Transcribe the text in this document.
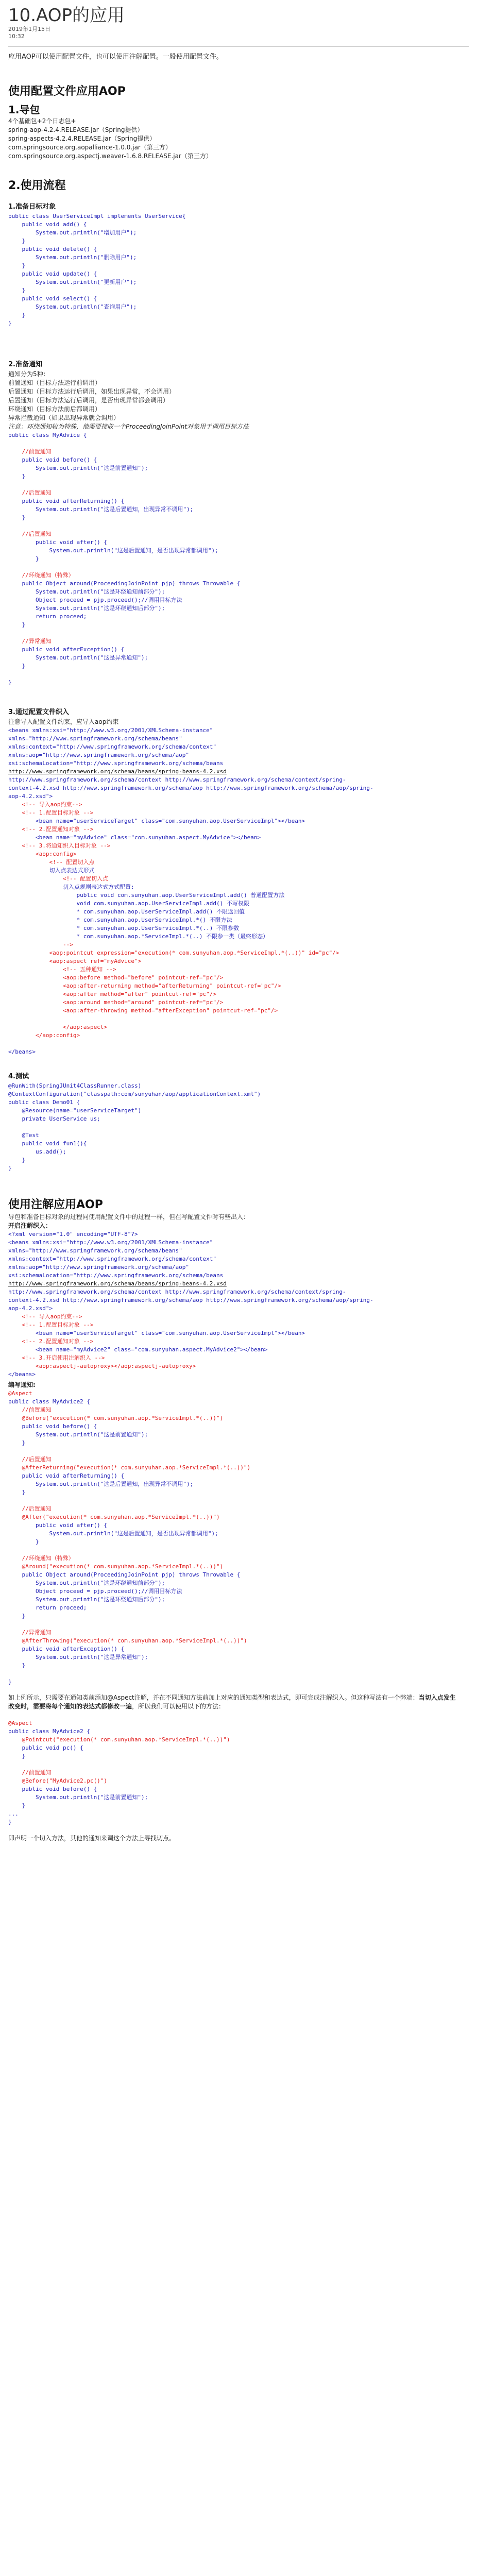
10.AOP的应用
2019年1月15日
10:32

应用AOP可以使用配置文件，也可以使用注解配置。一般使用配置文件。

使用配置文件应用AOP
1.导包
4个基础包+2个日志包+
spring-aop-4.2.4.RELEASE.jar（Spring提供）
spring-aspects-4.2.4.RELEASE.jar（Spring提供）
com.springsource.org.aopalliance-1.0.0.jar（第三方）
com.springsource.org.aspectj.weaver-1.6.8.RELEASE.jar（第三方）
2.使用流程
1.准备目标对象
public class UserServiceImpl implements UserService{
public void add() {
System.out.println("增加用户");
}
public void delete() {
System.out.println("删除用户");
}
public void update() {
System.out.println("更新用户");
}
public void select() {
System.out.println("查询用户");
}
}
2.准备通知
通知分为5种：
前置通知（目标方法运行前调用）
后置通知（目标方法运行后调用，如果出现异常，不会调用）
后置通知（目标方法运行后调用，是否出现异常都会调用）
环绕通知（目标方法前后都调用）
异常拦截通知（如果出现异常就会调用）
注意：环绕通知较为特殊，他需要接收一个ProceedingJoinPoint对象用于调用目标方法
public class MyAdvice {

//前置通知
public void before() {
System.out.println("这是前置通知");
}

//后置通知
public void afterReturning() {
System.out.println("这是后置通知，出现异常不调用");
}

//后置通知
public void after() {
System.out.println("这是后置通知，是否出现异常都调用");
}

//环绕通知（特殊）
public Object around(ProceedingJoinPoint pjp) throws Throwable {
System.out.println("这是环绕通知前部分");
Object proceed = pjp.proceed();//调用目标方法
System.out.println("这是环绕通知后部分");
return proceed;
}

//异常通知
public void afterException() {
System.out.println("这是异常通知");
}

}
3.通过配置文件织入
注意导入配置文件约束，应导入aop约束
<beans xmlns:xsi="http://www.w3.org/2001/XMLSchema-instance"
xmlns="http://www.springframework.org/schema/beans"
xmlns:context="http://www.springframework.org/schema/context"
xmlns:aop="http://www.springframework.org/schema/aop"
xsi:schemaLocation="http://www.springframework.org/schema/beans
http://www.springframework.org/schema/beans/spring-beans-4.2.xsd
http://www.springframework.org/schema/context http://www.springframework.org/schema/context/spring-
context-4.2.xsd http://www.springframework.org/schema/aop http://www.springframework.org/schema/aop/spring-
aop-4.2.xsd">
<!-- 导入aop约束-->
<!-- 1.配置目标对象 -->
<bean name="userServiceTarget" class="com.sunyuhan.aop.UserServiceImpl"></bean>
<!-- 2.配置通知对象 -->
<bean name="myAdvice" class="com.sunyuhan.aspect.MyAdvice"></bean>
<!-- 3.将通知织入目标对象 -->
<aop:config>
<!-- 配置切入点
切入点表达式形式
<!-- 配置切入点
切入点规则表达式方式配置:
public void com.sunyuhan.aop.UserServiceImpl.add() 普通配置方法
void com.sunyuhan.aop.UserServiceImpl.add() 不写权限
* com.sunyuhan.aop.UserServiceImpl.add() 不限返回值
* com.sunyuhan.aop.UserServiceImpl.*() 不限方法
* com.sunyuhan.aop.UserServiceImpl.*(..) 不限参数
* com.sunyuhan.aop.*ServiceImpl.*(..) 不限参一类（最终形态）
-->
<aop:pointcut expression="execution(* com.sunyuhan.aop.*ServiceImpl.*(..))" id="pc"/>
<aop:aspect ref="myAdvice">
<!-- 五种通知 -->
<aop:before method="before" pointcut-ref="pc"/>
<aop:after-returning method="afterReturning" pointcut-ref="pc"/>
<aop:after method="after" pointcut-ref="pc"/>
<aop:around method="around" pointcut-ref="pc"/>
<aop:after-throwing method="afterException" pointcut-ref="pc"/>

</aop:aspect>
</aop:config>

</beans>
4.测试
@RunWith(SpringJUnit4ClassRunner.class)
@ContextConfiguration("classpath:com/sunyuhan/aop/applicationContext.xml")
public class Demo01 {
@Resource(name="userServiceTarget")
private UserService us;

@Test
public void fun1(){
us.add();
}
}
使用注解应用AOP
导包和准备目标对象的过程同使用配置文件中的过程一样，但在写配置文件时有些出入：
开启注解织入：
<?xml version="1.0" encoding="UTF-8"?>
<beans xmlns:xsi="http://www.w3.org/2001/XMLSchema-instance"
xmlns="http://www.springframework.org/schema/beans"
xmlns:context="http://www.springframework.org/schema/context"
xmlns:aop="http://www.springframework.org/schema/aop"
xsi:schemaLocation="http://www.springframework.org/schema/beans
http://www.springframework.org/schema/beans/spring-beans-4.2.xsd
http://www.springframework.org/schema/context http://www.springframework.org/schema/context/spring-
context-4.2.xsd http://www.springframework.org/schema/aop http://www.springframework.org/schema/aop/spring-
aop-4.2.xsd">
<!-- 导入aop约束-->
<!-- 1.配置目标对象 -->
<bean name="userServiceTarget" class="com.sunyuhan.aop.UserServiceImpl"></bean>
<!-- 2.配置通知对象 -->
<bean name="myAdvice2" class="com.sunyuhan.aspect.MyAdvice2"></bean>
<!-- 3.开启使用注解织入 -->
<aop:aspectj-autoproxy></aop:aspectj-autoproxy>
</beans>
编写通知:
@Aspect
public class MyAdvice2 {
//前置通知
@Before("execution(* com.sunyuhan.aop.*ServiceImpl.*(..))")
public void before() {
System.out.println("这是前置通知");
}

//后置通知
@AfterReturning("execution(* com.sunyuhan.aop.*ServiceImpl.*(..))")
public void afterReturning() {
System.out.println("这是后置通知，出现异常不调用");
}

//后置通知
@After("execution(* com.sunyuhan.aop.*ServiceImpl.*(..))")
public void after() {
System.out.println("这是后置通知，是否出现异常都调用");
}

//环绕通知（特殊）
@Around("execution(* com.sunyuhan.aop.*ServiceImpl.*(..))")
public Object around(ProceedingJoinPoint pjp) throws Throwable {
System.out.println("这是环绕通知前部分");
Object proceed = pjp.proceed();//调用目标方法
System.out.println("这是环绕通知后部分");
return proceed;
}

//异常通知
@AfterThrowing("execution(* com.sunyuhan.aop.*ServiceImpl.*(..))")
public void afterException() {
System.out.println("这是异常通知");
}

}

如上例所示，只需要在通知类前添加@Aspect注解，并在不同通知方法前加上对应的通知类型和表达式，即可完成注解织入。但这种写法有一个弊端：当切入点发生改变时，需要将每个通知的表达式都修改一遍，所以我们可以使用以下的方法：

@Aspect
public class MyAdvice2 {
@Pointcut("execution(* com.sunyuhan.aop.*ServiceImpl.*(..))")
public void pc() {
}

//前置通知
@Before("MyAdvice2.pc()")
public void before() {
System.out.println("这是前置通知");
}
...
}

即声明一个切入方法，其他的通知来调这个方法上寻找切点。
